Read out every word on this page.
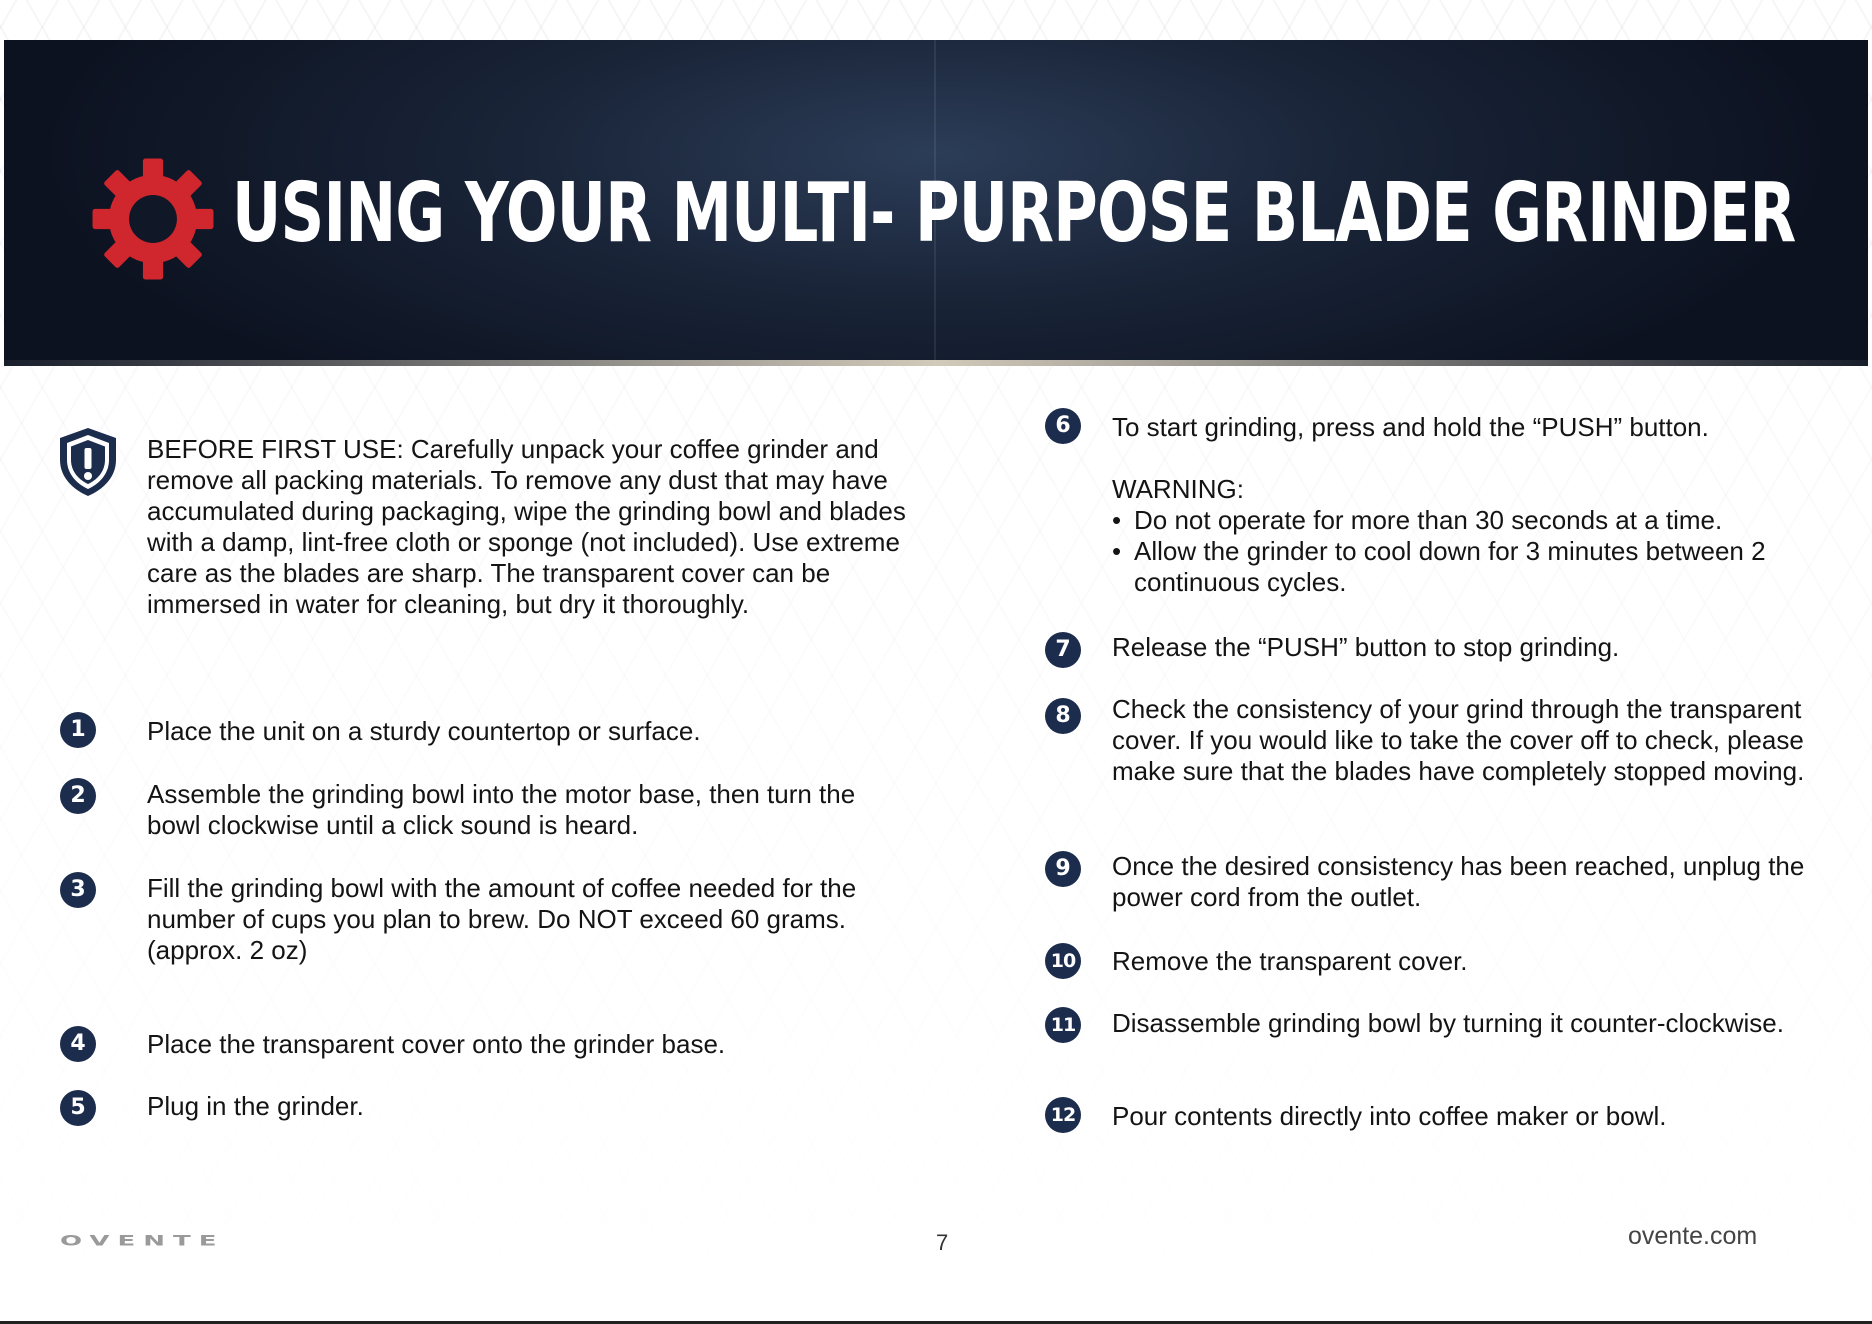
USING YOUR MULTI- PURPOSE BLADE GRINDER

BEFORE FIRST USE: Carefully unpack your coffee grinder and remove all packing materials. To remove any dust that may have accumulated during packaging, wipe the grinding bowl and blades with a damp, lint-free cloth or sponge (not included). Use extreme care as the blades are sharp. The transparent cover can be immersed in water for cleaning, but dry it thoroughly.

1	Place the unit on a sturdy countertop or surface.

2	Assemble the grinding bowl into the motor base, then turn the bowl clockwise until a click sound is heard.

3	Fill the grinding bowl with the amount of coffee needed for the number of cups you plan to brew. Do NOT exceed 60 grams.
(approx. 2 oz)
4	Place the transparent cover onto the grinder base.

5	Plug in the grinder.

6	To start grinding, press and hold the “PUSH” button.

WARNING:
• Do not operate for more than 30 seconds at a time.
• Allow the grinder to cool down for 3 minutes between 2 continuous cycles.
7	Release the “PUSH” button to stop grinding.

8	Check the consistency of your grind through the transparent cover. If you would like to take the cover off to check, please make sure that the blades have completely stopped moving.

9	Once the desired consistency has been reached, unplug the power cord from the outlet.

10 Remove the transparent cover.

11 Disassemble grinding bowl by turning it counter-clockwise.

12 Pour contents directly into coffee maker or bowl.

OVENTE	7	ovente.com
